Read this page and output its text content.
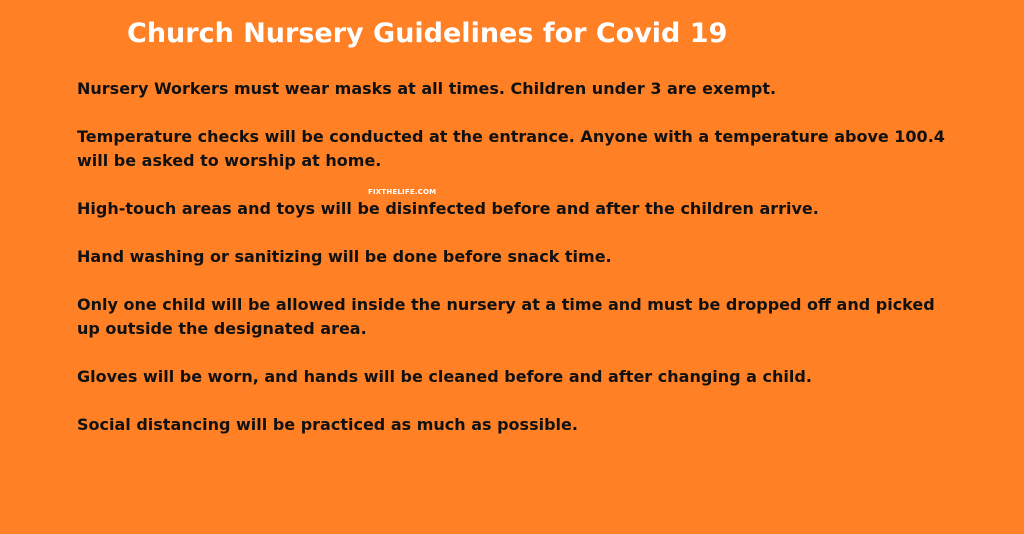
Church Nursery Guidelines for Covid 19
FIXTHELIFE.COM
Nursery Workers must wear masks at all times. Children under 3 are exempt.
Temperature checks will be conducted at the entrance. Anyone with a temperature above 100.4 will be asked to worship at home.
High-touch areas and toys will be disinfected before and after the children arrive.
Hand washing or sanitizing will be done before snack time.
Only one child will be allowed inside the nursery at a time and must be dropped off and picked up outside the designated area.
Gloves will be worn, and hands will be cleaned before and after changing a child.
Social distancing will be practiced as much as possible.
